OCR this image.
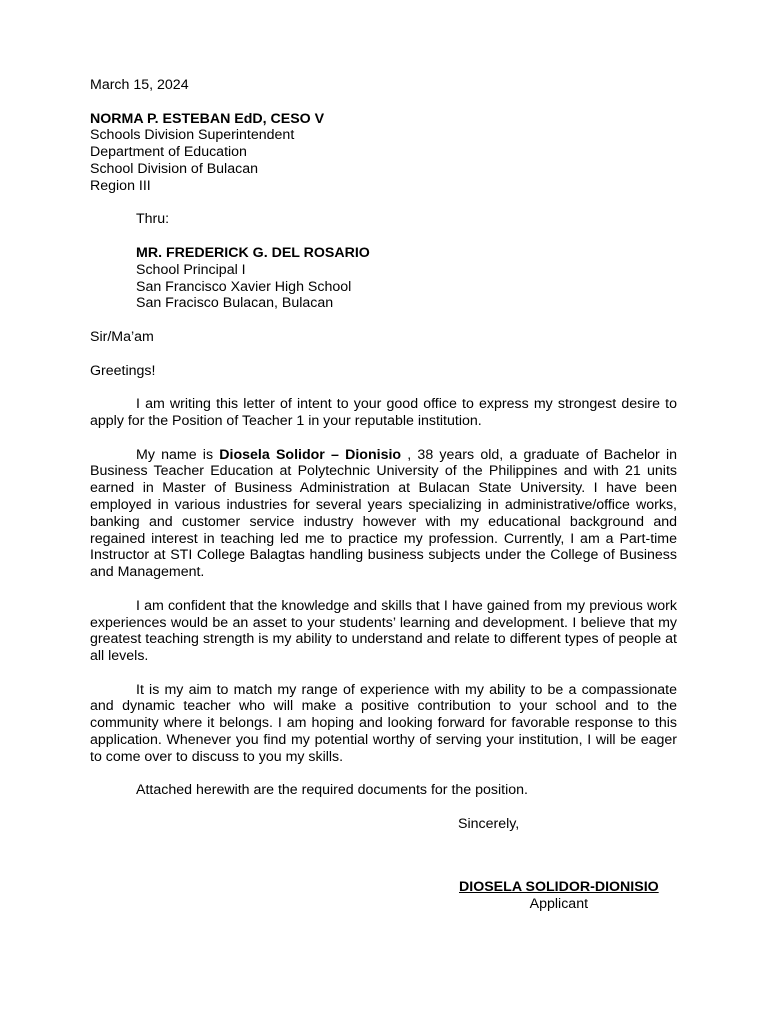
March 15, 2024
NORMA P. ESTEBAN EdD, CESO V
Schools Division Superintendent
Department of Education
School Division of Bulacan
Region III
Thru:
MR. FREDERICK G. DEL ROSARIO
School Principal I
San Francisco Xavier High School
San Fracisco Bulacan, Bulacan
Sir/Ma’am
Greetings!

I am writing this letter of intent to your good office to express my strongest desire to apply for the Position of Teacher 1 in your reputable institution.

My name is Diosela Solidor – Dionisio , 38 years old, a graduate of Bachelor in Business Teacher Education at Polytechnic University of the Philippines and with 21 units earned in Master of Business Administration at Bulacan State University. I have been employed in various industries for several years specializing in administrative/office works, banking and customer service industry however with my educational background and regained interest in teaching led me to practice my profession. Currently, I am a Part-time Instructor at STI College Balagtas handling business subjects under the College of Business and Management.

I am confident that the knowledge and skills that I have gained from my previous work experiences would be an asset to your students’ learning and development. I believe that my greatest teaching strength is my ability to understand and relate to different types of people at all levels.

It is my aim to match my range of experience with my ability to be a compassionate and dynamic teacher who will make a positive contribution to your school and to the community where it belongs. I am hoping and looking forward for favorable response to this application. Whenever you find my potential worthy of serving your institution, I will be eager to come over to discuss to you my skills.

Attached herewith are the required documents for the position.

Sincerely,
DIOSELA SOLIDOR-DIONISIO
Applicant
